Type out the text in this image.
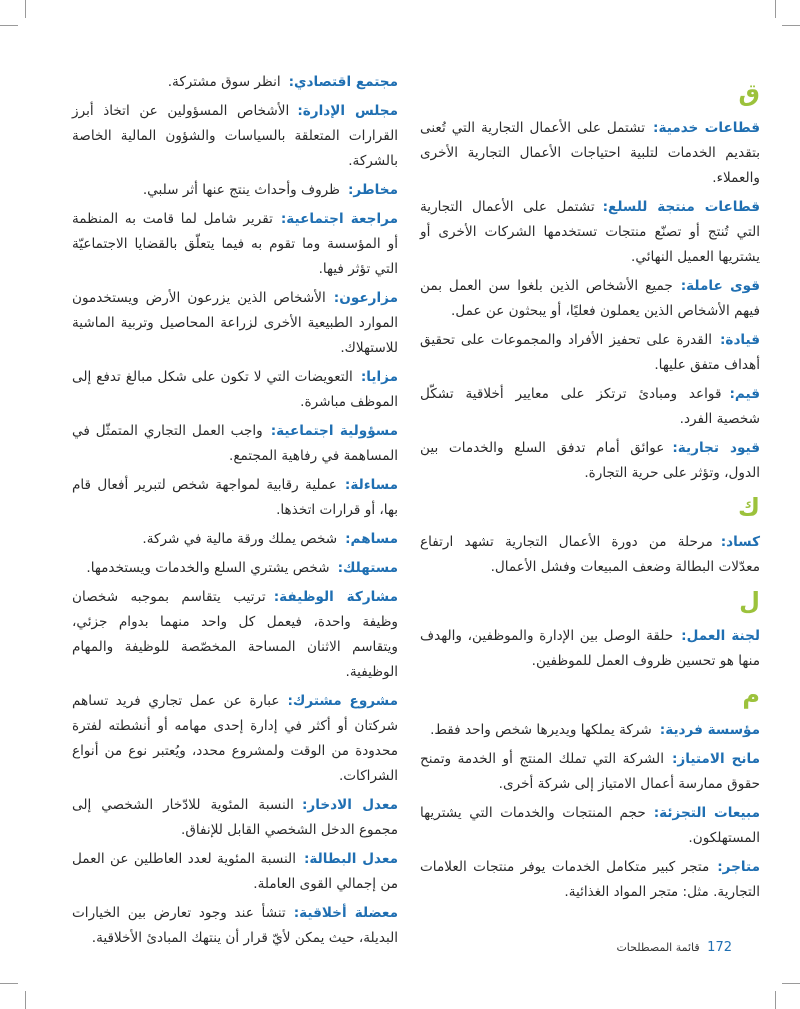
ق
قطاعات خدمية:تشتمل على الأعمال التجارية التي تُعنى بتقديم الخدمات لتلبية احتياجات الأعمال التجارية الأخرى والعملاء.
قطاعات منتجة للسلع:تشتمل على الأعمال التجارية التي تُنتج أو تصنّع منتجات تستخدمها الشركات الأخرى أو يشتريها العميل النهائي.
قوى عاملة:جميع الأشخاص الذين بلغوا سن العمل بمن فيهم الأشخاص الذين يعملون فعليًا، أو يبحثون عن عمل.
قيادة:القدرة على تحفيز الأفراد والمجموعات على تحقيق أهداف متفق عليها.
قيم:قواعد ومبادئ ترتكز على معايير أخلاقية تشكّل شخصية الفرد.
قيود تجارية:عوائق أمام تدفق السلع والخدمات بين الدول، وتؤثر على حرية التجارة.
ك
كساد:مرحلة من دورة الأعمال التجارية تشهد ارتفاع معدّلات البطالة وضعف المبيعات وفشل الأعمال.
ل
لجنة العمل:حلقة الوصل بين الإدارة والموظفين، والهدف منها هو تحسين ظروف العمل للموظفين.
م
مؤسسة فردية:شركة يملكها ويديرها شخص واحد فقط.
مانح الامتياز:الشركة التي تملك المنتج أو الخدمة وتمنح حقوق ممارسة أعمال الامتياز إلى شركة أخرى.
مبيعات التجزئة:حجم المنتجات والخدمات التي يشتريها المستهلكون.
متاجر:متجر كبير متكامل الخدمات يوفر منتجات العلامات التجارية. مثل: متجر المواد الغذائية.
مجتمع اقتصادي:انظر سوق مشتركة.
مجلس الإدارة:الأشخاص المسؤولين عن اتخاذ أبرز القرارات المتعلقة بالسياسات والشؤون المالية الخاصة بالشركة.
مخاطر:ظروف وأحداث ينتج عنها أثر سلبي.
مراجعة اجتماعية:تقرير شامل لما قامت به المنظمة أو المؤسسة وما تقوم به فيما يتعلّق بالقضايا الاجتماعيّة التي تؤثر فيها.
مزارعون:الأشخاص الذين يزرعون الأرض ويستخدمون الموارد الطبيعية الأخرى لزراعة المحاصيل وتربية الماشية للاستهلاك.
مزايا:التعويضات التي لا تكون على شكل مبالغ تدفع إلى الموظف مباشرة.
مسؤولية اجتماعية:واجب العمل التجاري المتمثّل في المساهمة في رفاهية المجتمع.
مساءلة:عملية رقابية لمواجهة شخص لتبرير أفعال قام بها، أو قرارات اتخذها.
مساهم:شخص يملك ورقة مالية في شركة.
مستهلك:شخص يشتري السلع والخدمات ويستخدمها.
مشاركة الوظيفة:ترتيب يتقاسم بموجبه شخصان وظيفة واحدة، فيعمل كل واحد منهما بدوام جزئي، ويتقاسم الاثنان المساحة المخصّصة للوظيفة والمهام الوظيفية.
مشروع مشترك:عبارة عن عمل تجاري فريد تساهم شركتان أو أكثر في إدارة إحدى مهامه أو أنشطته لفترة محدودة من الوقت ولمشروع محدد، ويُعتبر نوع من أنواع الشراكات.
معدل الادخار:النسبة المئوية للادّخار الشخصي إلى مجموع الدخل الشخصي القابل للإنفاق.
معدل البطالة:النسبة المئوية لعدد العاطلين عن العمل من إجمالي القوى العاملة.
معضلة أخلاقية:تنشأ عند وجود تعارض بين الخيارات البديلة، حيث يمكن لأيّ قرار أن ينتهك المبادئ الأخلاقية.
172 قائمة المصطلحات
